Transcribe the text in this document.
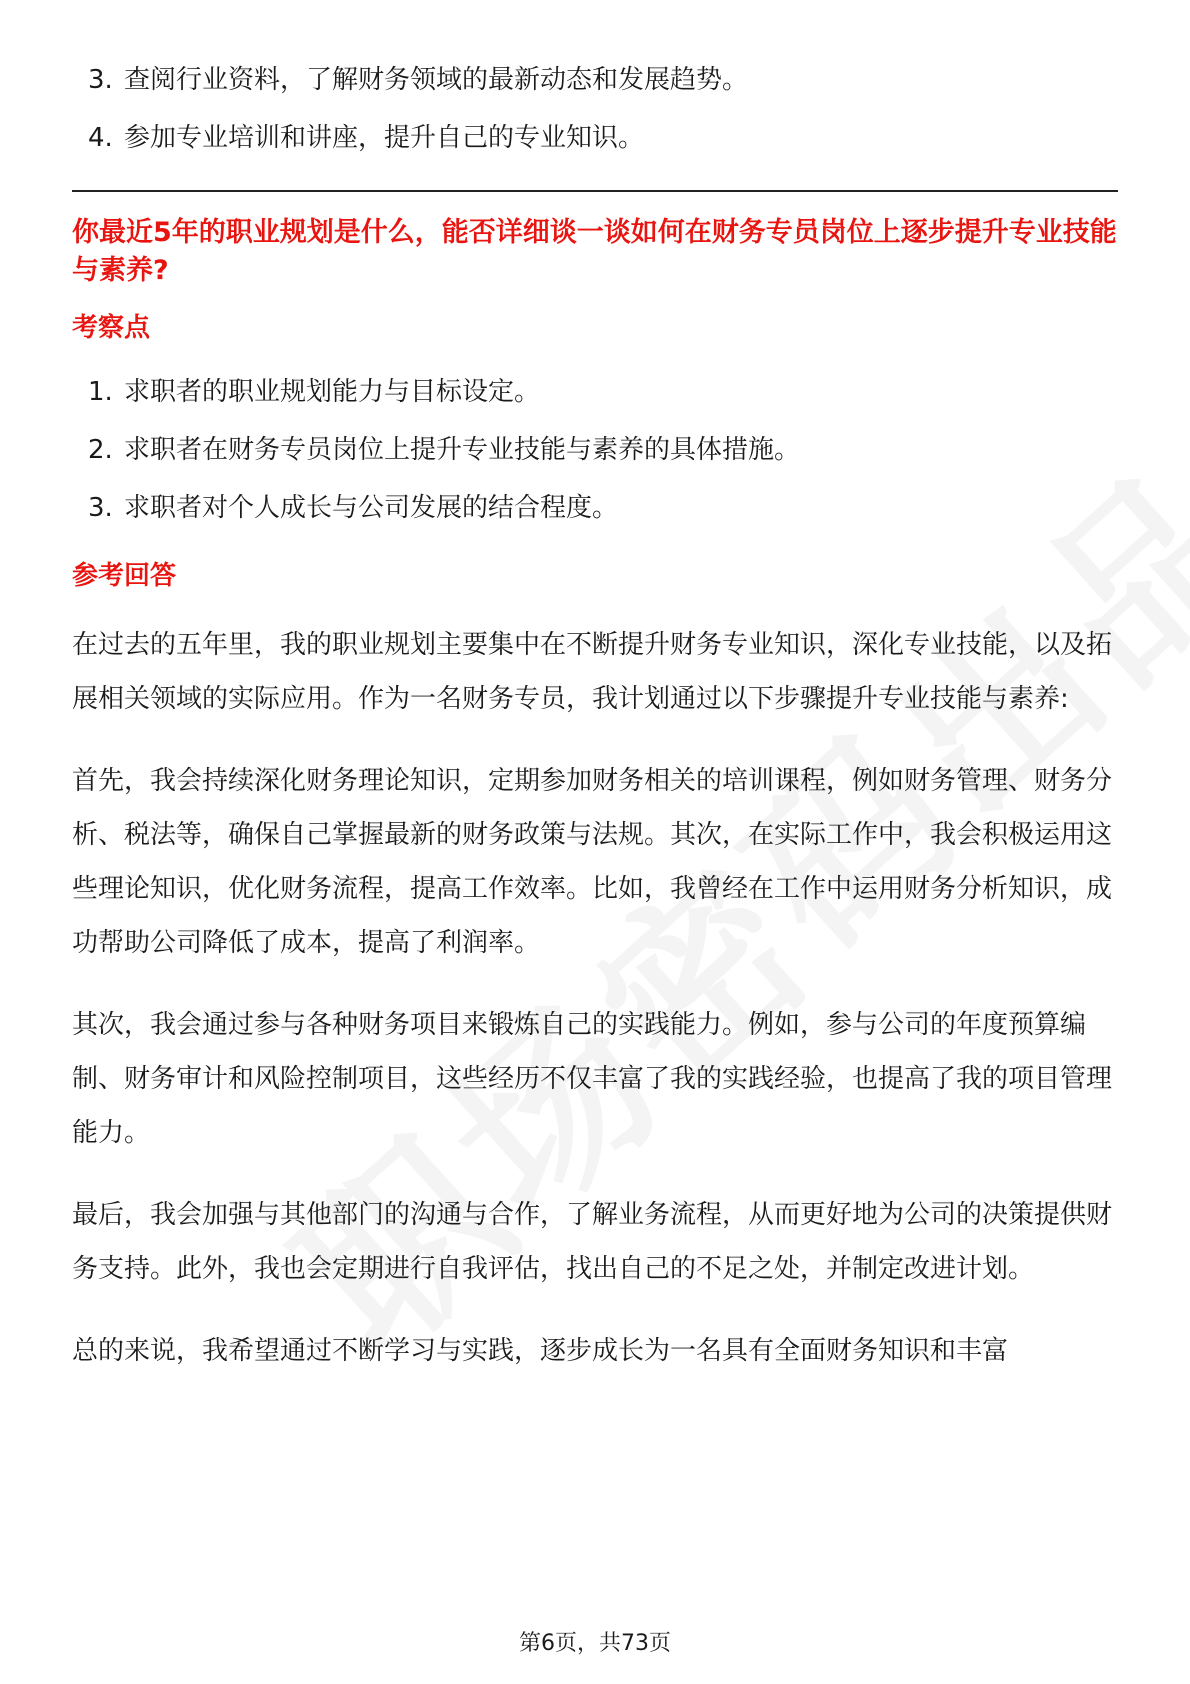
3. 查阅行业资料，了解财务领域的最新动态和发展趋势。
4. 参加专业培训和讲座，提升自己的专业知识。

你最近5年的职业规划是什么，能否详细谈一谈如何在财务专员岗位上逐步提升专业技能与素养?

考察点
1. 求职者的职业规划能力与目标设定。
2. 求职者在财务专员岗位上提升专业技能与素养的具体措施。
3. 求职者对个人成长与公司发展的结合程度。
参考回答

在过去的五年里，我的职业规划主要集中在不断提升财务专业知识，深化专业技能，以及拓展相关领域的实际应用。作为一名财务专员，我计划通过以下步骤提升专业技能与素养:

首先，我会持续深化财务理论知识，定期参加财务相关的培训课程，例如财务管理、财务分析、税法等，确保自己掌握最新的财务政策与法规。其次，在实际工作中，我会积极运用这些理论知识，优化财务流程，提高工作效率。比如，我曾经在工作中运用财务分析知识，成功帮助公司降低了成本，提高了利润率。

其次，我会通过参与各种财务项目来锻炼自己的实践能力。例如，参与公司的年度预算编制、财务审计和风险控制项目，这些经历不仅丰富了我的实践经验，也提高了我的项目管理能力。

最后，我会加强与其他部门的沟通与合作，了解业务流程，从而更好地为公司的决策提供财务支持。此外，我也会定期进行自我评估，找出自己的不足之处，并制定改进计划。

总的来说，我希望通过不断学习与实践，逐步成长为一名具有全面财务知识和丰富

第6页，共73页
